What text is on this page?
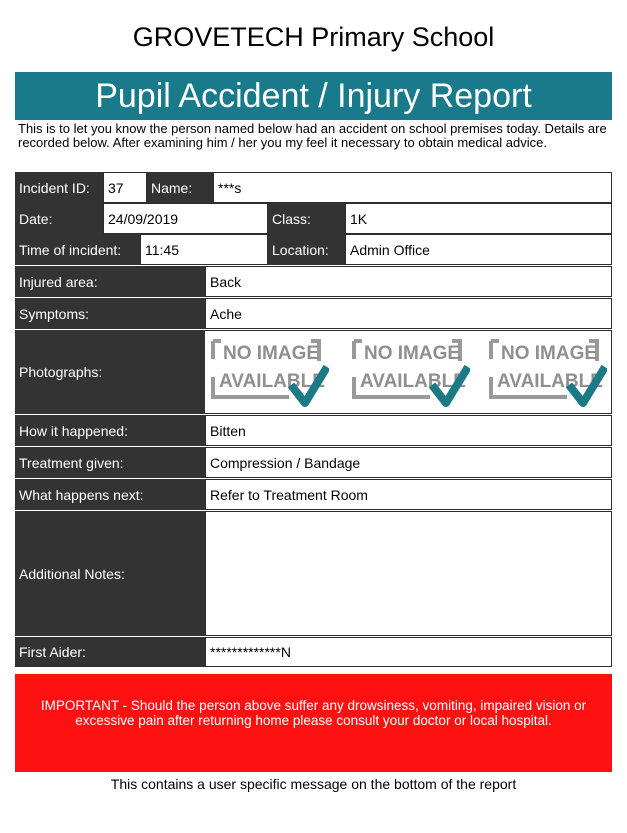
GROVETECH Primary School
Pupil Accident / Injury Report
This is to let you know the person named below had an accident on school premises today. Details are recorded below. After examining him / her you my feel it necessary to obtain medical advice.
Incident ID:	37	Name:	***s
Date:	24/09/2019	Class:	1K
Time of incident:	11:45	Location:	Admin Office
Injured area:	Back
Symptoms:	Ache
Photographs:
NO IMAGE
AVAILABLE
NO IMAGE
AVAILABLE
NO IMAGE
AVAILABLE
How it happened:	Bitten
Treatment given:	Compression / Bandage
What happens next:	Refer to Treatment Room
Additional Notes:
First Aider:	*************N
IMPORTANT - Should the person above suffer any drowsiness, vomiting, impaired vision or excessive pain after returning home please consult your doctor or local hospital.
This contains a user specific message on the bottom of the report
